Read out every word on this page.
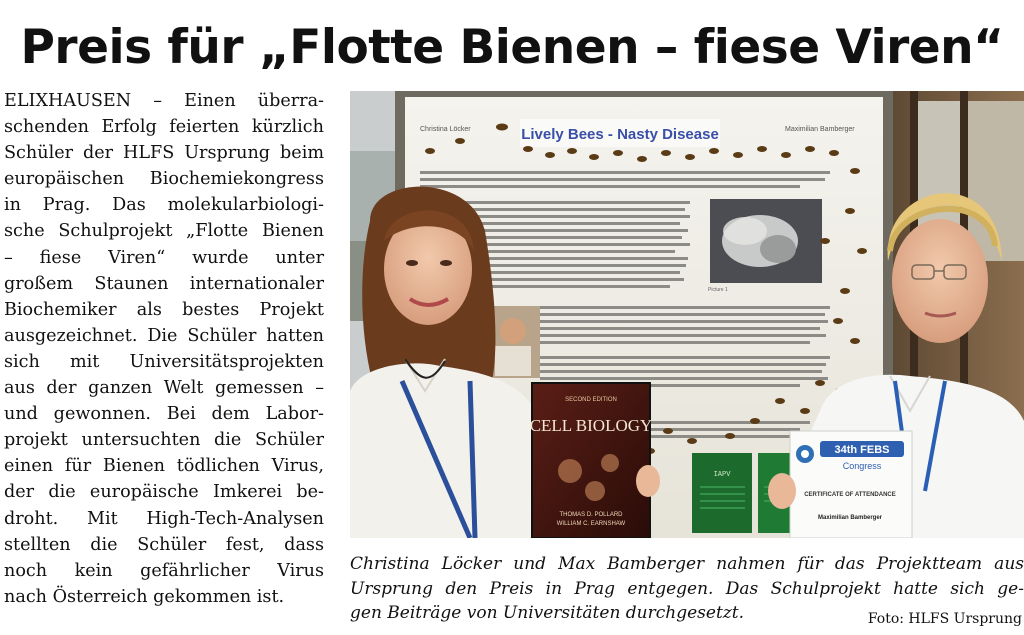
Preis für „Flotte Bienen – fiese Viren“
ELIXHAUSEN – Einen überra-
schenden Erfolg feierten kürzlich
Schüler der HLFS Ursprung beim
europäischen Biochemiekongress
in Prag. Das molekularbiologi-
sche Schulprojekt „Flotte Bienen
– fiese Viren“ wurde unter
großem Staunen internationaler
Biochemiker als bestes Projekt
ausgezeichnet. Die Schüler hatten
sich mit Universitätsprojekten
aus der ganzen Welt gemessen –
und gewonnen. Bei dem Labor-
projekt untersuchten die Schüler
einen für Bienen tödlichen Virus,
der die europäische Imkerei be-
droht. Mit High-Tech-Analysen
stellten die Schüler fest, dass
noch kein gefährlicher Virus
nach Österreich gekommen ist.
Christina Löcker	Maximilian Bamberger
Lively Bees - Nasty Disease
Picture 1
IAPV
SECOND EDITION
CELL BIOLOGY
THOMAS D. POLLARD
WILLIAM C. EARNSHAW
34th FEBS
Congress
CERTIFICATE OF ATTENDANCE
Maximilian Bamberger
Christina Löcker und Max Bamberger nahmen für das Projektteam aus
Ursprung den Preis in Prag entgegen. Das Schulprojekt hatte sich ge-
gen Beiträge von Universitäten durchgesetzt.	Foto: HLFS Ursprung
